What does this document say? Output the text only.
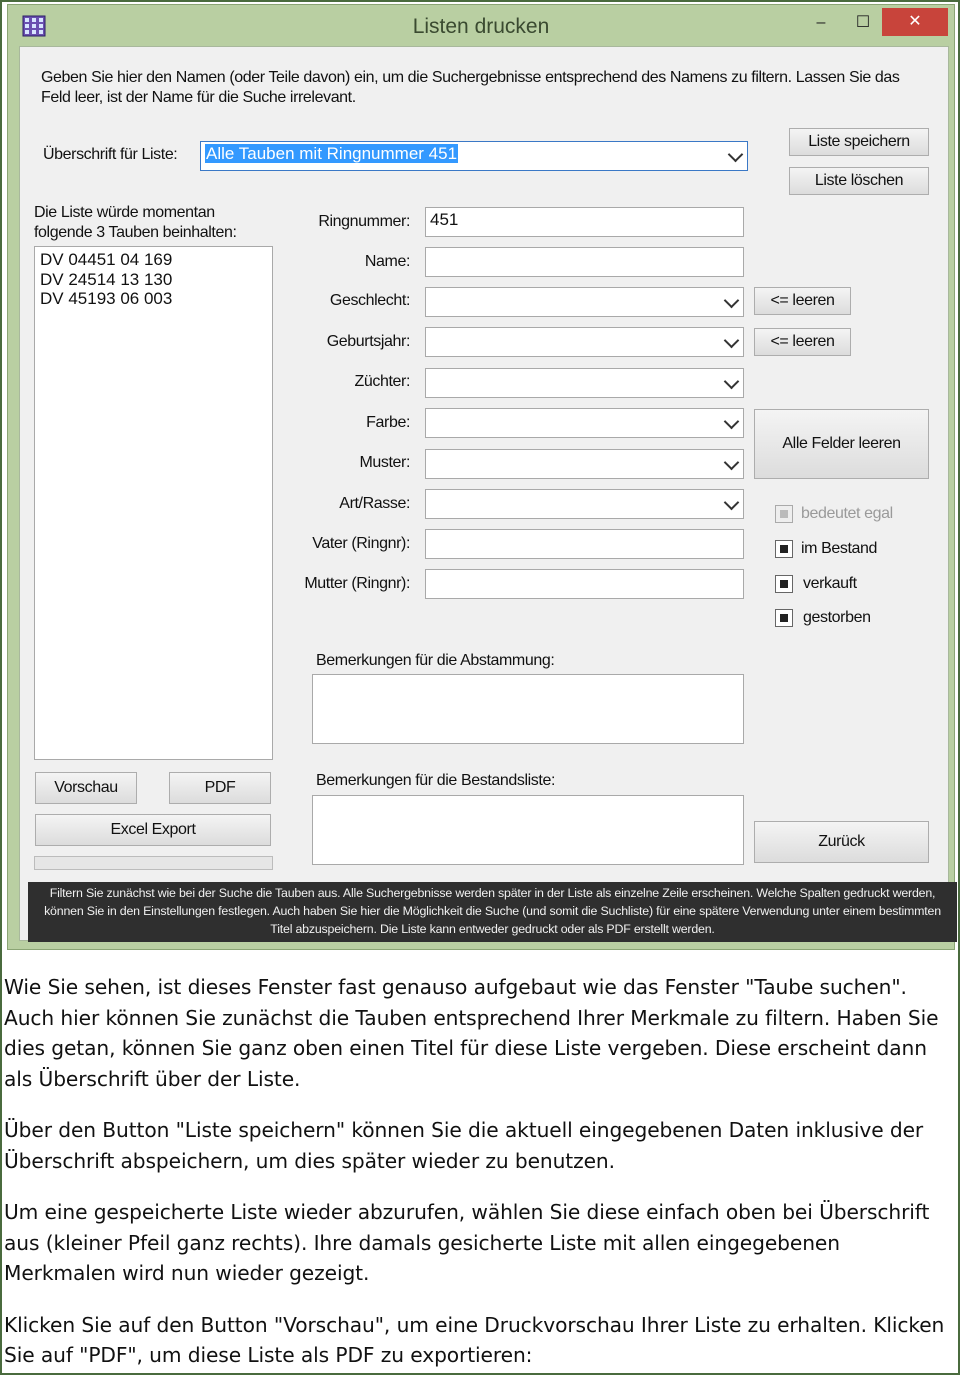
Listen drucken	–	☐	✕
Geben Sie hier den Namen (oder Teile davon) ein, um die Suchergebnisse entsprechend des Namens zu filtern. Lassen Sie das Feld leer, ist der Name für die Suche irrelevant.
Überschrift für Liste:	Alle Tauben mit Ringnummer 451
Liste speichern
Liste löschen
Die Liste würde momentan
folgende 3 Tauben beinhalten:
DV 04451 04 169
DV 24514 13 130
DV 45193 06 003
Ringnummer: 451
Name:
Geschlecht:	<= leeren
Geburtsjahr:	<= leeren
Züchter:
Farbe:
Alle Felder leeren
Muster:
Art/Rasse:
Vater (Ringnr):
Mutter (Ringnr):
bedeutet egal
im Bestand
verkauft
gestorben
Bemerkungen für die Abstammung:
Bemerkungen für die Bestandsliste:
Vorschau	PDF
Excel Export
Zurück
Filtern Sie zunächst wie bei der Suche die Tauben aus. Alle Suchergebnisse werden später in der Liste als einzelne Zeile erscheinen. Welche Spalten gedruckt werden, können Sie in den Einstellungen festlegen. Auch haben Sie hier die Möglichkeit die Suche (und somit die Suchliste) für eine spätere Verwendung unter einem bestimmten Titel abzuspeichern. Die Liste kann entweder gedruckt oder als PDF erstellt werden.

Wie Sie sehen, ist dieses Fenster fast genauso aufgebaut wie das Fenster "Taube suchen". Auch hier können Sie zunächst die Tauben entsprechend Ihrer Merkmale zu filtern. Haben Sie dies getan, können Sie ganz oben einen Titel für diese Liste vergeben. Diese erscheint dann als Überschrift über der Liste.

Über den Button "Liste speichern" können Sie die aktuell eingegebenen Daten inklusive der Überschrift abspeichern, um dies später wieder zu benutzen.

Um eine gespeicherte Liste wieder abzurufen, wählen Sie diese einfach oben bei Überschrift aus (kleiner Pfeil ganz rechts). Ihre damals gesicherte Liste mit allen eingegebenen Merkmalen wird nun wieder gezeigt.

Klicken Sie auf den Button "Vorschau", um eine Druckvorschau Ihrer Liste zu erhalten. Klicken Sie auf "PDF", um diese Liste als PDF zu exportieren:
